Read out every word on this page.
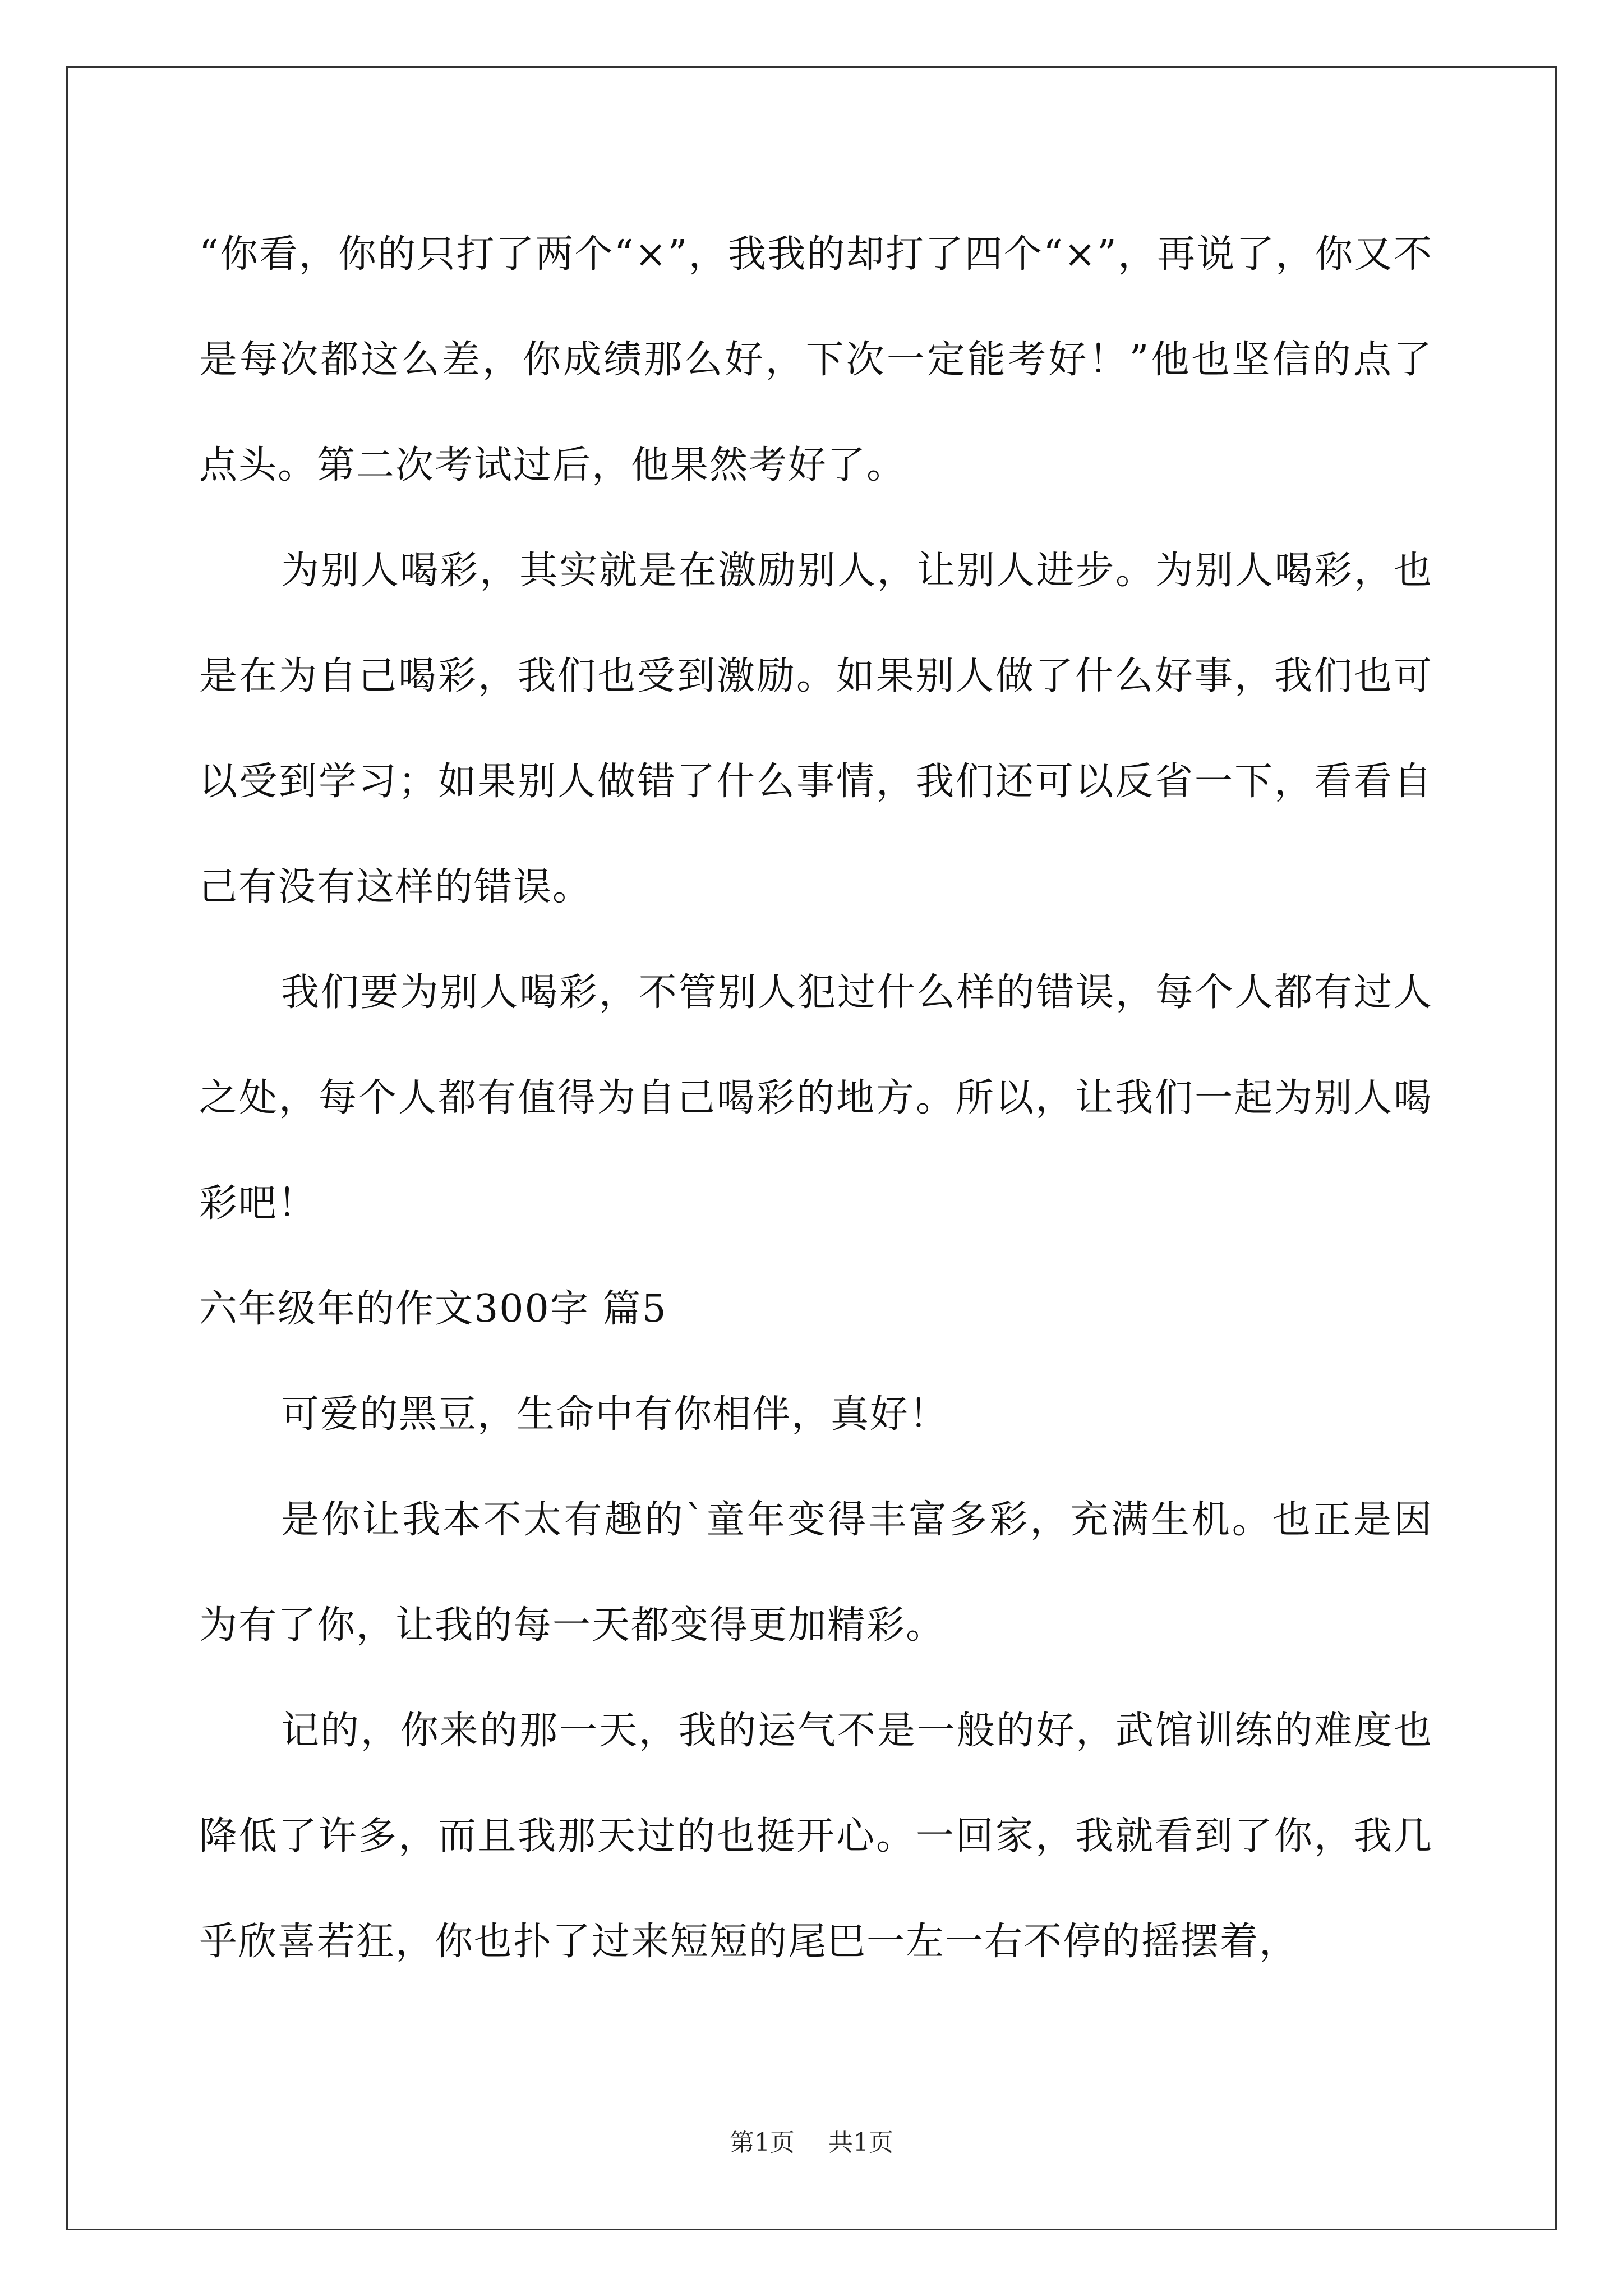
“你看，你的只打了两个“×”，我我的却打了四个“×”，再说了，你又不是每次都这么差，你成绩那么好，下次一定能考好！”他也坚信的点了点头。第二次考试过后，他果然考好了。

为别人喝彩，其实就是在激励别人，让别人进步。为别人喝彩，也是在为自己喝彩，我们也受到激励。如果别人做了什么好事，我们也可以受到学习；如果别人做错了什么事情，我们还可以反省一下，看看自己有没有这样的错误。

我们要为别人喝彩，不管别人犯过什么样的错误，每个人都有过人之处，每个人都有值得为自己喝彩的地方。所以，让我们一起为别人喝彩吧！

六年级年的作文300字 篇5

可爱的黑豆，生命中有你相伴，真好！

是你让我本不太有趣的`童年变得丰富多彩，充满生机。也正是因为有了你，让我的每一天都变得更加精彩。

记的，你来的那一天，我的运气不是一般的好，武馆训练的难度也降低了许多，而且我那天过的也挺开心。一回家，我就看到了你，我几乎欣喜若狂，你也扑了过来短短的尾巴一左一右不停的摇摆着，

第1页 共1页
